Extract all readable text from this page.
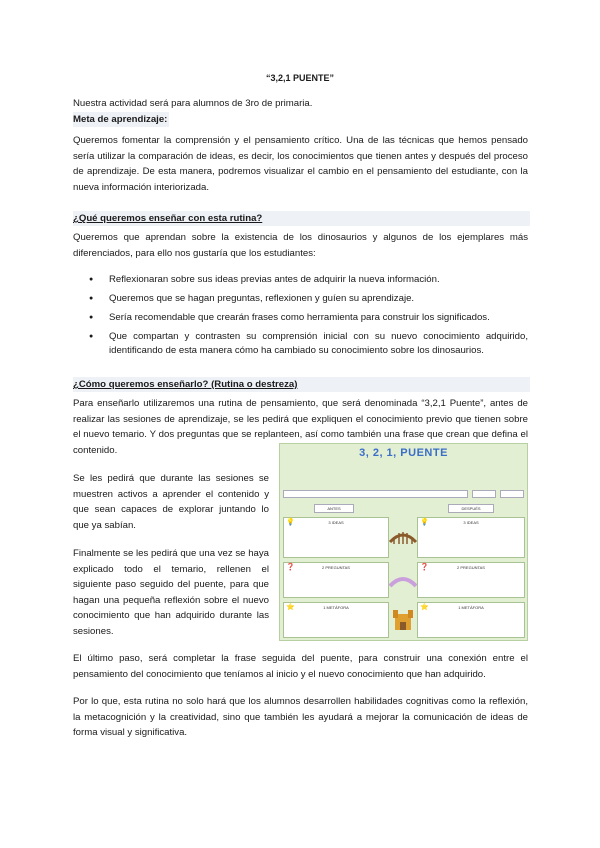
“3,2,1 PUENTE”
Nuestra actividad será para alumnos de 3ro de primaria.
Meta de aprendizaje:
Queremos fomentar la comprensión y el pensamiento crítico. Una de las técnicas que hemos pensado sería utilizar la comparación de ideas, es decir, los conocimientos que tienen antes y después del proceso de aprendizaje. De esta manera, podremos visualizar el cambio en el pensamiento del estudiante, con la nueva información interiorizada.
¿Qué queremos enseñar con esta rutina?
Queremos que aprendan sobre la existencia de los dinosaurios y algunos de los ejemplares más diferenciados, para ello nos gustaría que los estudiantes:
● Reflexionaran sobre sus ideas previas antes de adquirir la nueva información.
● Queremos que se hagan preguntas, reflexionen y guíen su aprendizaje.
● Sería recomendable que crearán frases como herramienta para construir los significados.
● Que compartan y contrasten su comprensión inicial con su nuevo conocimiento adquirido, identificando de esta manera cómo ha cambiado su conocimiento sobre los dinosaurios.
¿Cómo queremos enseñarlo? (Rutina o destreza)
Para enseñarlo utilizaremos una rutina de pensamiento, que será denominada “3,2,1 Puente”, antes de realizar las sesiones de aprendizaje, se les pedirá que expliquen el conocimiento previo que tienen sobre el nuevo temario. Y dos preguntas que se replanteen, así como también una frase que crean que defina el contenido.
Se les pedirá que durante las sesiones se muestren activos a aprender el contenido y que sean capaces de explorar juntando lo que ya sabían.
Finalmente se les pedirá que una vez se haya explicado todo el temario, rellenen el siguiente paso seguido del puente, para que hagan una pequeña reflexión sobre el nuevo conocimiento que han adquirido durante las sesiones.
3, 2, 1, PUENTE
ANTES	DESPUÉS
💡	3 IDEAS
❓	2 PREGUNTAS
⭐	1 METÁFORA
💡	3 IDEAS
❓	2 PREGUNTAS
⭐	1 METÁFORA
El último paso, será completar la frase seguida del puente, para construir una conexión entre el pensamiento del conocimiento que teníamos al inicio y el nuevo conocimiento que han adquirido.
Por lo que, esta rutina no solo hará que los alumnos desarrollen habilidades cognitivas como la reflexión, la metacognición y la creatividad, sino que también les ayudará a mejorar la comunicación de ideas de forma visual y significativa.
